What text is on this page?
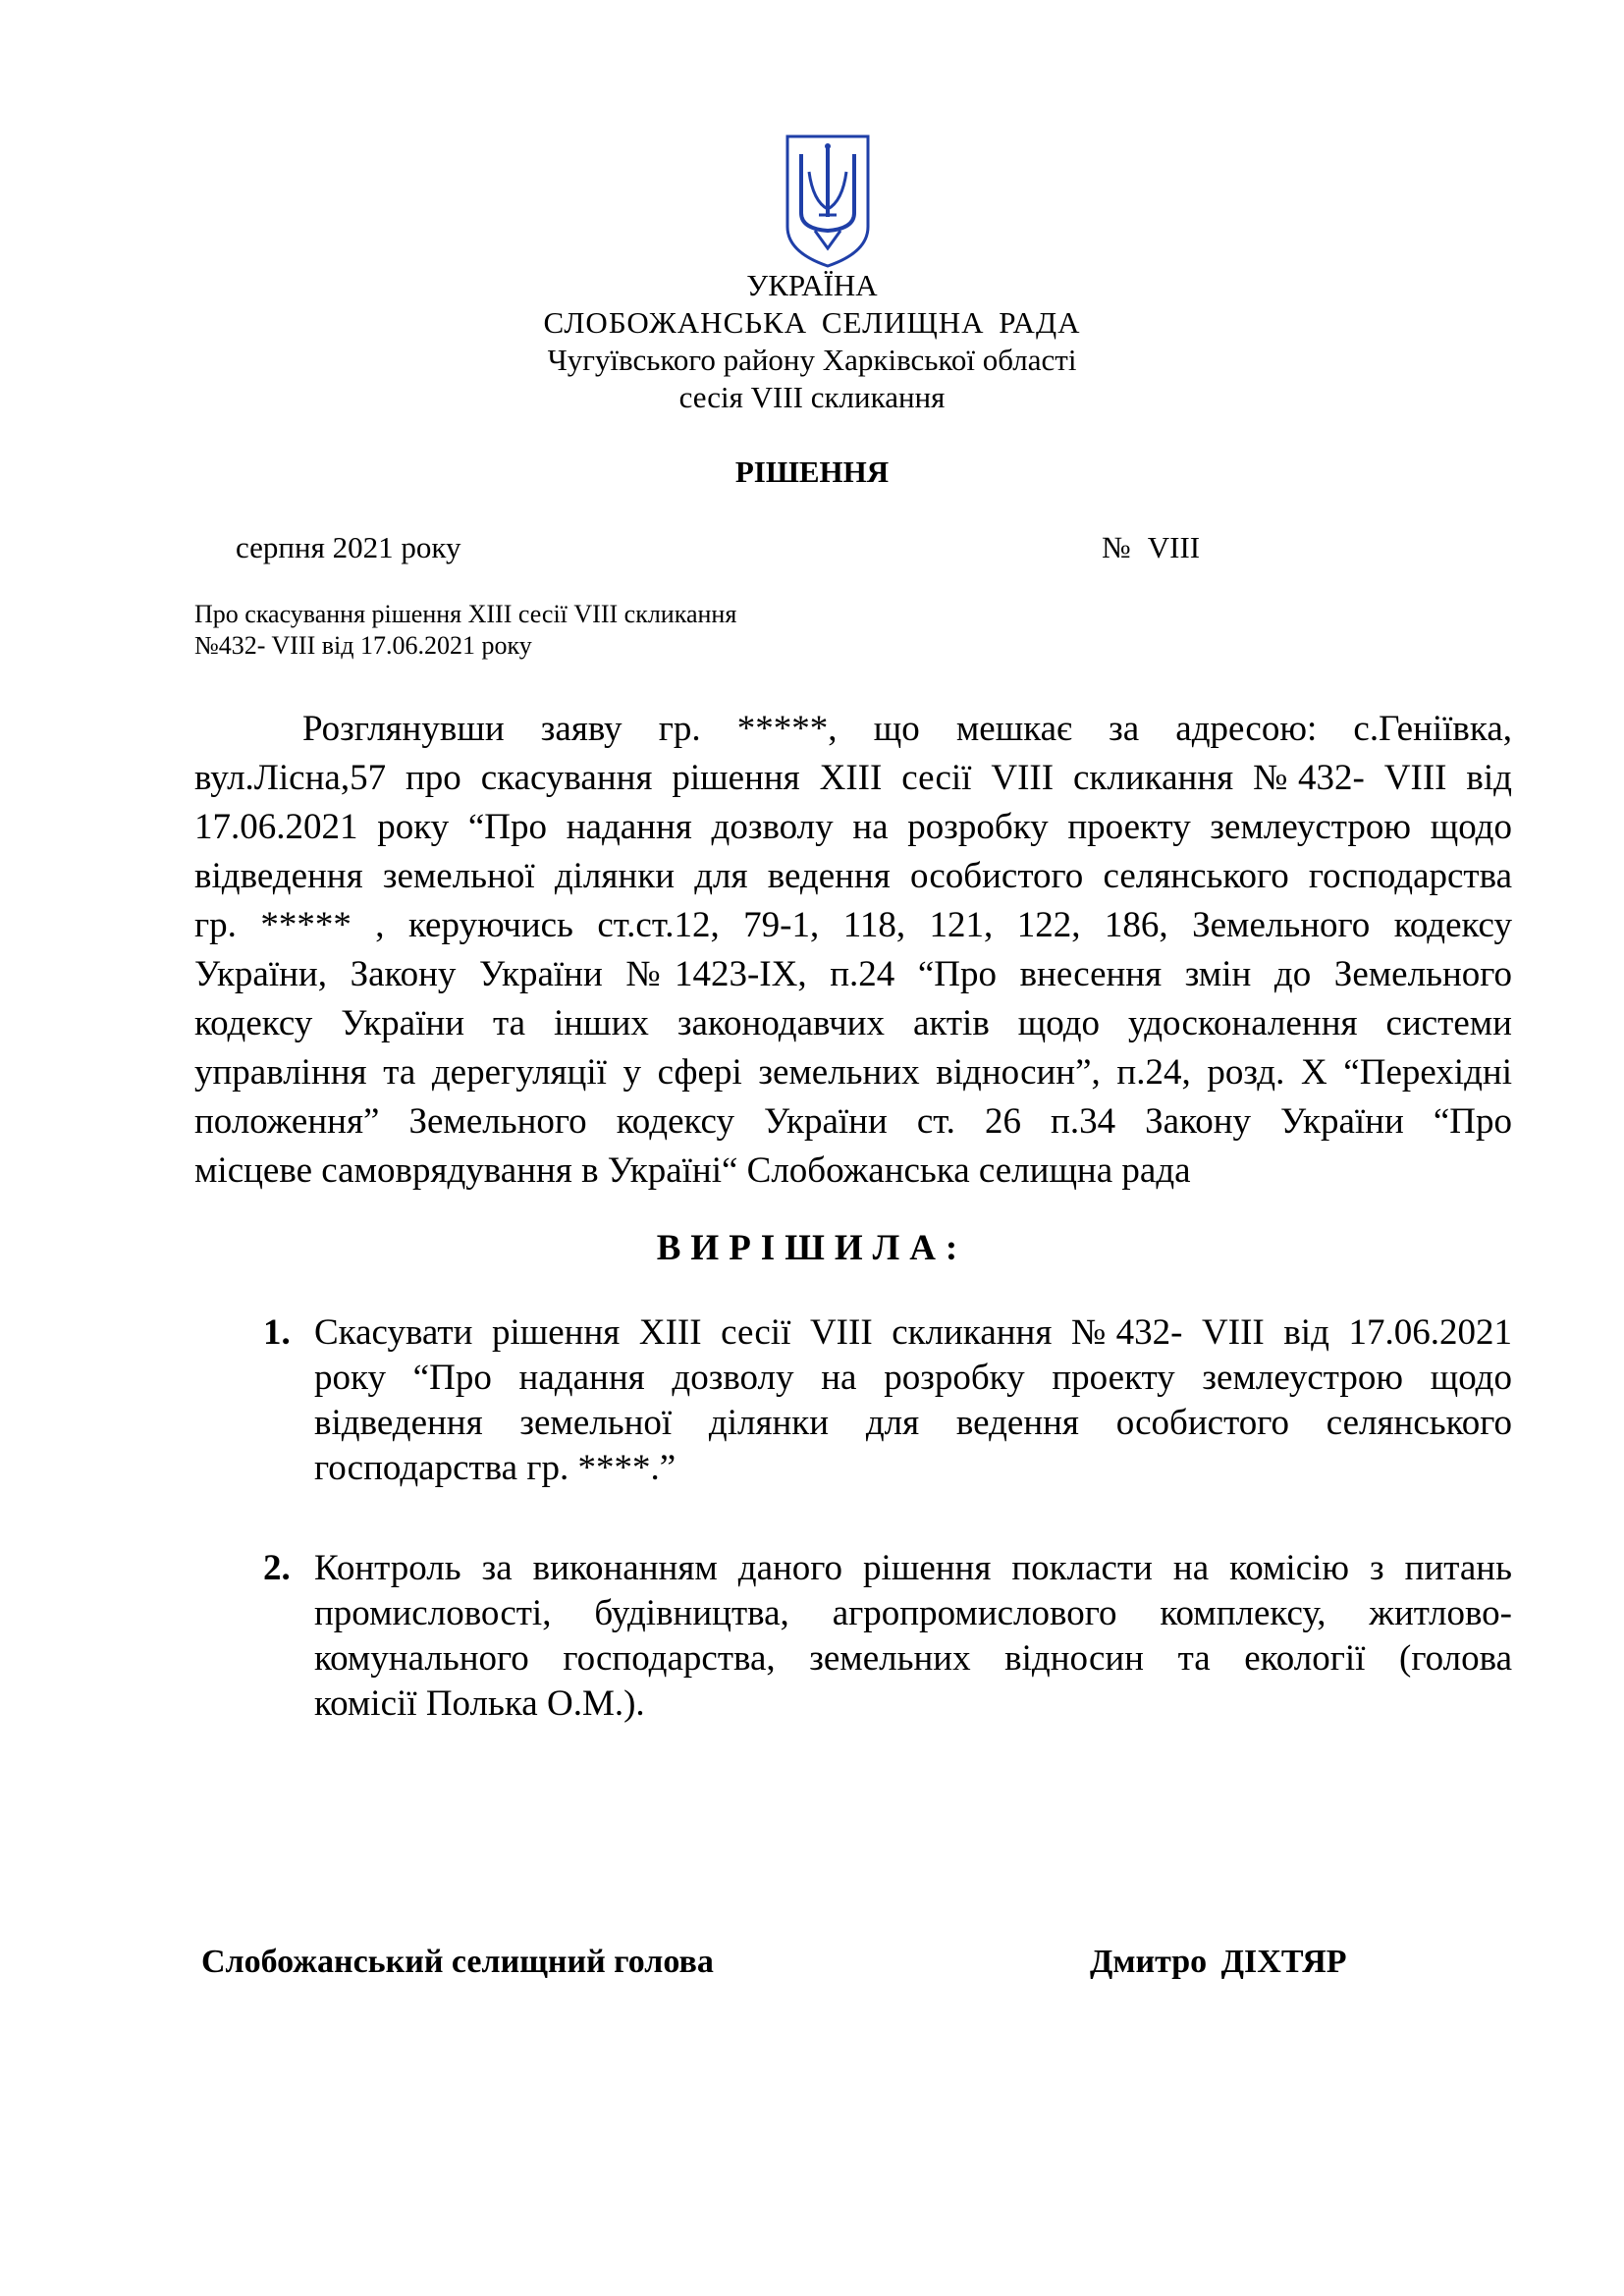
УКРАЇНА
СЛОБОЖАНСЬКА СЕЛИЩНА РАДА
Чугуївського району Харківської області
сесія VIII скликання
РІШЕННЯ
серпня 2021 року	№ VIII
Про скасування рішення ХIII сесії VIII скликання
№432- VIII від 17.06.2021 року
Розглянувши заяву гр. *****, що мешкає за адресою: с.Геніївка,
вул.Лісна,57 про скасування рішення ХIII сесії VIII скликання №432- VIII від
17.06.2021 року “Про надання дозволу на розробку проекту землеустрою щодо
відведення земельної ділянки для ведення особистого селянського господарства
гр. ***** , керуючись ст.ст.12, 79-1, 118, 121, 122, 186, Земельного кодексу
України, Закону України №1423-ІХ, п.24 “Про внесення змін до Земельного
кодексу України та інших законодавчих актів щодо удосконалення системи
управління та дерегуляції у сфері земельних відносин”, п.24, розд. Х “Перехідні
положення” Земельного кодексу України ст. 26 п.34 Закону України “Про
місцеве самоврядування в Україні“ Слобожанська селищна рада
ВИРІШИЛА:
1. Скасувати рішення ХIII сесії VIII скликання №432- VIII від 17.06.2021
року “Про надання дозволу на розробку проекту землеустрою щодо
відведення земельної ділянки для ведення особистого селянського
господарства гр. ****.”
2. Контроль за виконанням даного рішення покласти на комісію з питань
промисловості, будівництва, агропромислового комплексу, житлово-
комунального господарства, земельних відносин та екології (голова
комісії Полька О.М.).
Слобожанський селищний голова	Дмитро ДІХТЯР
